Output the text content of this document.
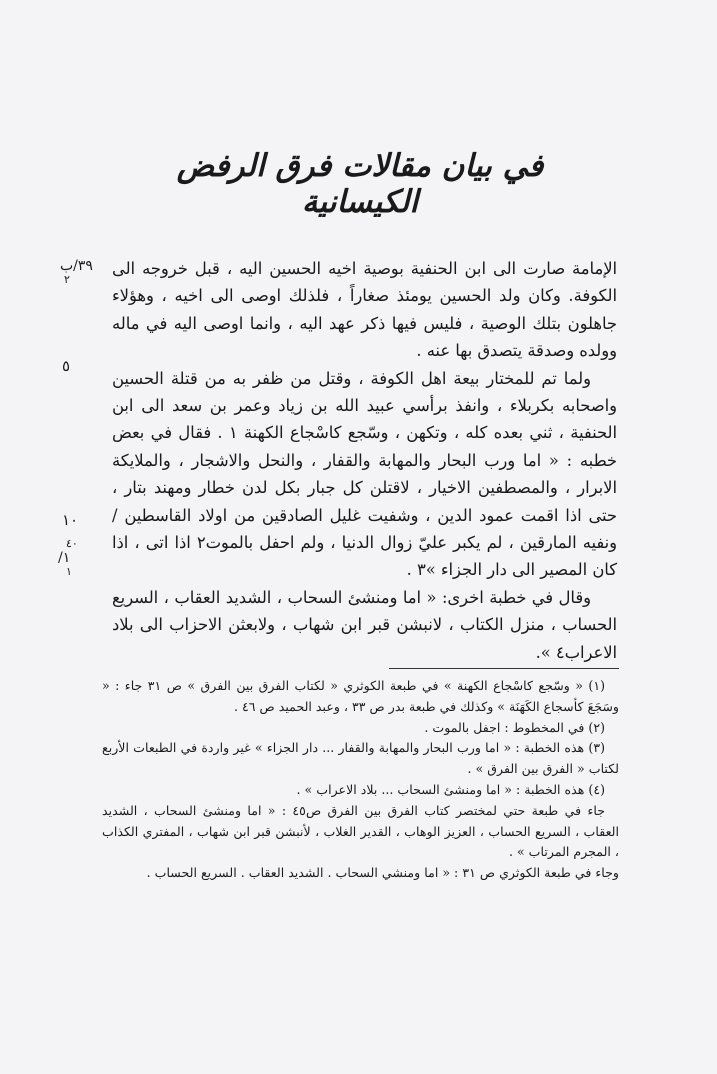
في بيان مقالات فرق الرفض الكيسانية
٣٩/ب
٢
٥
١٠
٤٠
/١
١

الإمامة صارت الى ابن الحنفية بوصية اخيه الحسين اليه ، قبل خروجه الى الكوفة. وكان ولد الحسين يومئذ صغاراً ، فلذلك اوصى الى اخيه ، وهؤلاء جاهلون بتلك الوصية ، فليس فيها ذكر عهد اليه ، وانما اوصى اليه في ماله وولده وصدقة يتصدق بها عنه .

ولما تم للمختار بيعة اهل الكوفة ، وقتل من ظفر به من قتلة الحسين واصحابه بكربلاء ، وانفذ برأسي عبيد الله بن زياد وعمر بن سعد الى ابن الحنفية ، ثني بعده كله ، وتكهن ، وسّجع كاسْجاع الكهنة ١ . فقال في بعض خطبه : « اما ورب البحار والمهابة والقفار ، والنحل والاشجار ، والملايكة الابرار ، والمصطفين الاخيار ، لاقتلن كل جبار بكل لدن خطار ومهند بتار ، حتى اذا اقمت عمود الدين ، وشفيت غليل الصادقين من اولاد القاسطين / ونفيه المارقين ، لم يكبر عليّ زوال الدنيا ، ولم احفل بالموت٢ اذا اتى ، اذا كان المصير الى دار الجزاء »٣ .

وقال في خطبة اخرى: « اما ومنشئ السحاب ، الشديد العقاب ، السريع الحساب ، منزل الكتاب ، لانبشن قبر ابن شهاب ، ولابعثن الاحزاب الى بلاد الاعراب٤ ».

(١) « وسّجع كاسْجاع الكهنة » في طبعة الكوثري « لكتاب الفرق بين الفرق » ص ٣١ جاء : « وسَجَعَ كأسجاع الكَهَنَة » وكذلك في طبعة بدر ص ٣٣ ، وعبد الحميد ص ٤٦ .

(٢) في المخطوط : اجفل بالموت .

(٣) هذه الخطبة : « اما ورب البحار والمهابة والقفار ... دار الجزاء » غير واردة في الطبعات الأربع لكتاب « الفرق بين الفرق » .

(٤) هذه الخطبة : « اما ومنشئ السحاب ... بلاد الاعراب » .

جاء في طبعة حتي لمختصر كتاب الفرق بين الفرق ص٤٥ : « اما ومنشئ السحاب ، الشديد العقاب ، السريع الحساب ، العزيز الوهاب ، القدير الغلاب ، لأنبشن قبر ابن شهاب ، المفتري الكذاب ، المجرم المرتاب » .

وجاء في طبعة الكوثري ص ٣١ : « اما ومنشي السحاب . الشديد العقاب . السريع الحساب .
